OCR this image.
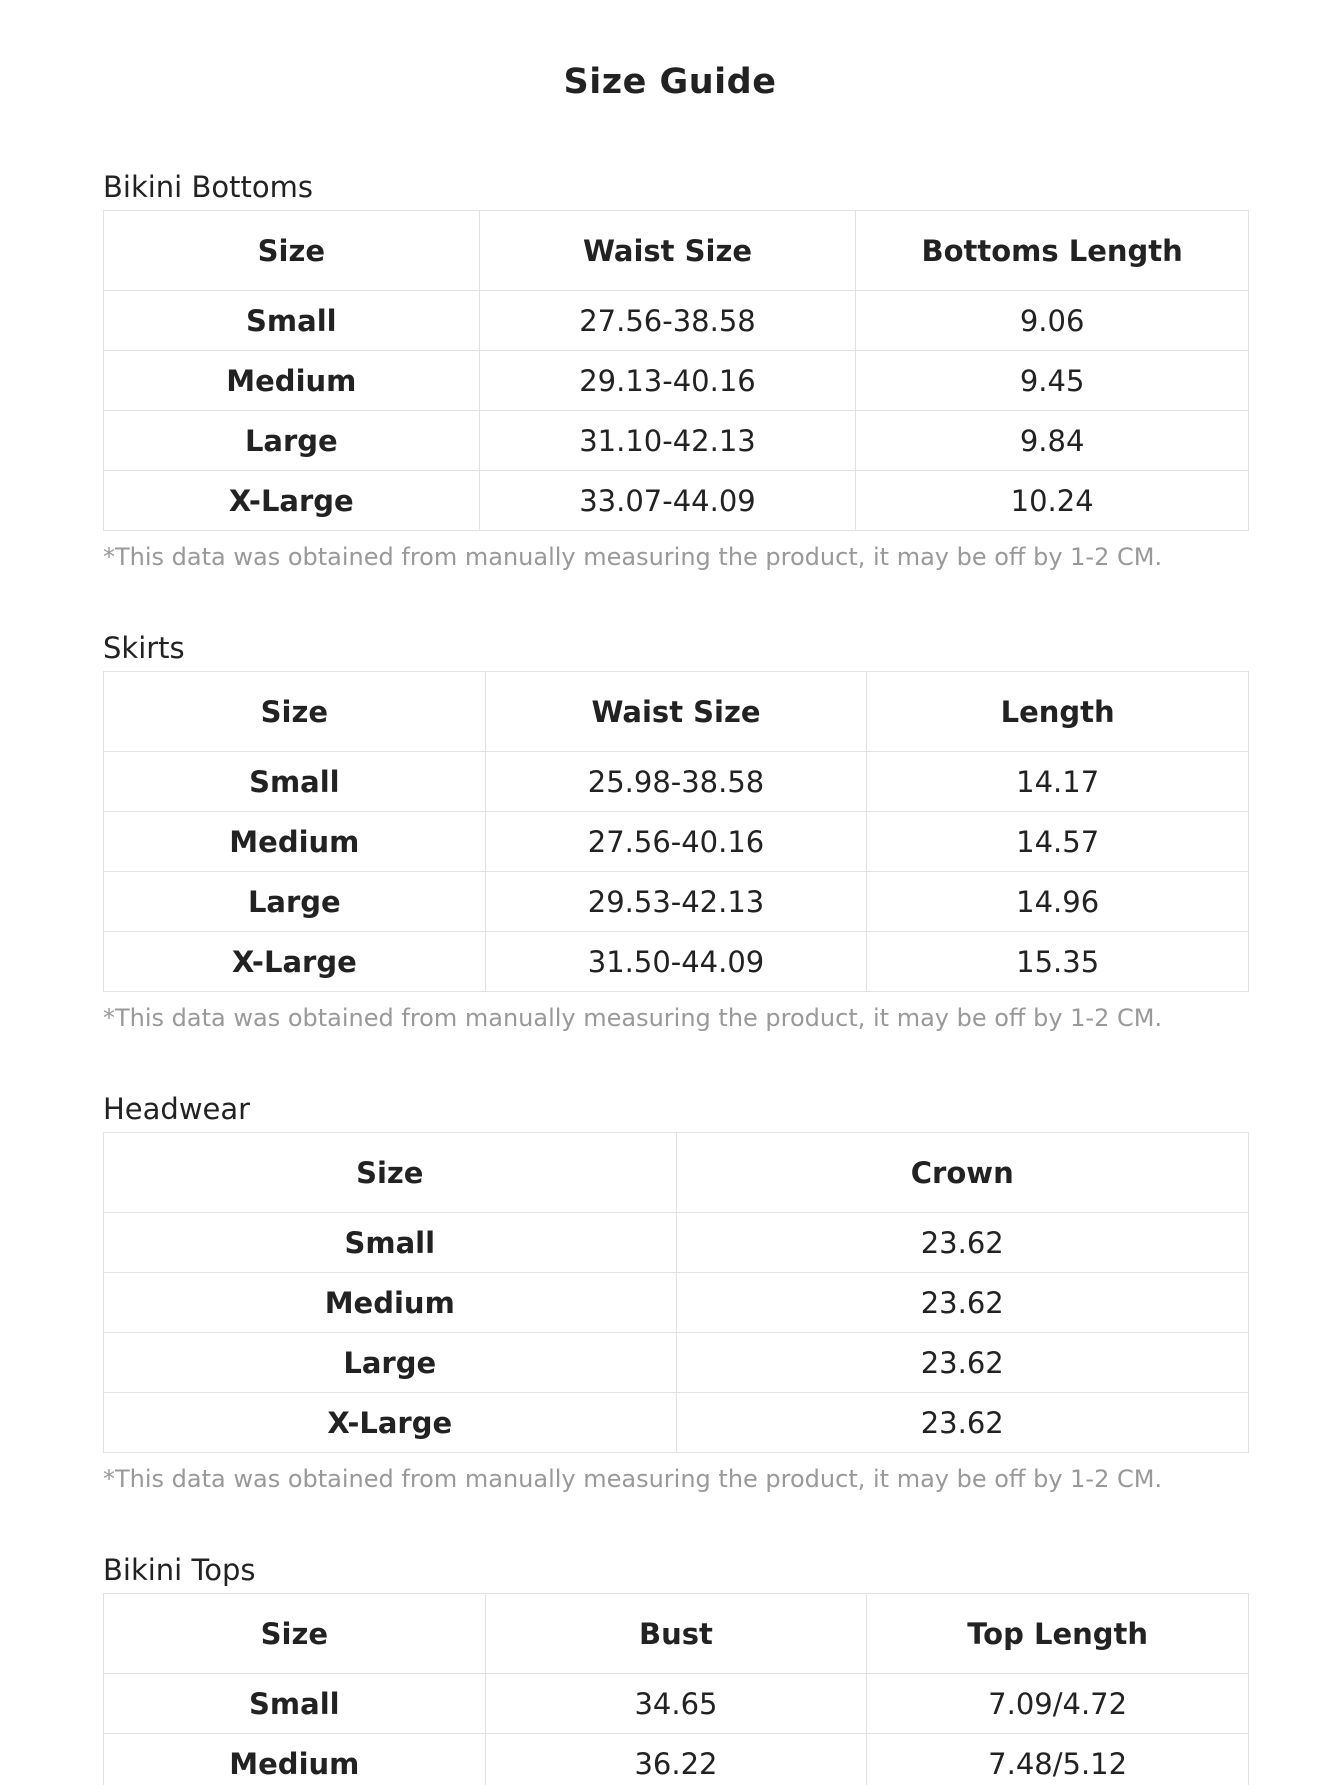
Size Guide
Bikini Bottoms
Size	Waist Size	Bottoms Length
Small	27.56-38.58	9.06
Medium	29.13-40.16	9.45
Large	31.10-42.13	9.84
X-Large	33.07-44.09	10.24

*This data was obtained from manually measuring the product, it may be off by 1-2 CM.

Skirts
Size	Waist Size	Length
Small	25.98-38.58	14.17
Medium	27.56-40.16	14.57
Large	29.53-42.13	14.96
X-Large	31.50-44.09	15.35

*This data was obtained from manually measuring the product, it may be off by 1-2 CM.

Headwear
Size	Crown
Small	23.62
Medium	23.62
Large	23.62
X-Large	23.62

*This data was obtained from manually measuring the product, it may be off by 1-2 CM.

Bikini Tops
Size	Bust	Top Length
Small	34.65	7.09/4.72
Medium	36.22	7.48/5.12
